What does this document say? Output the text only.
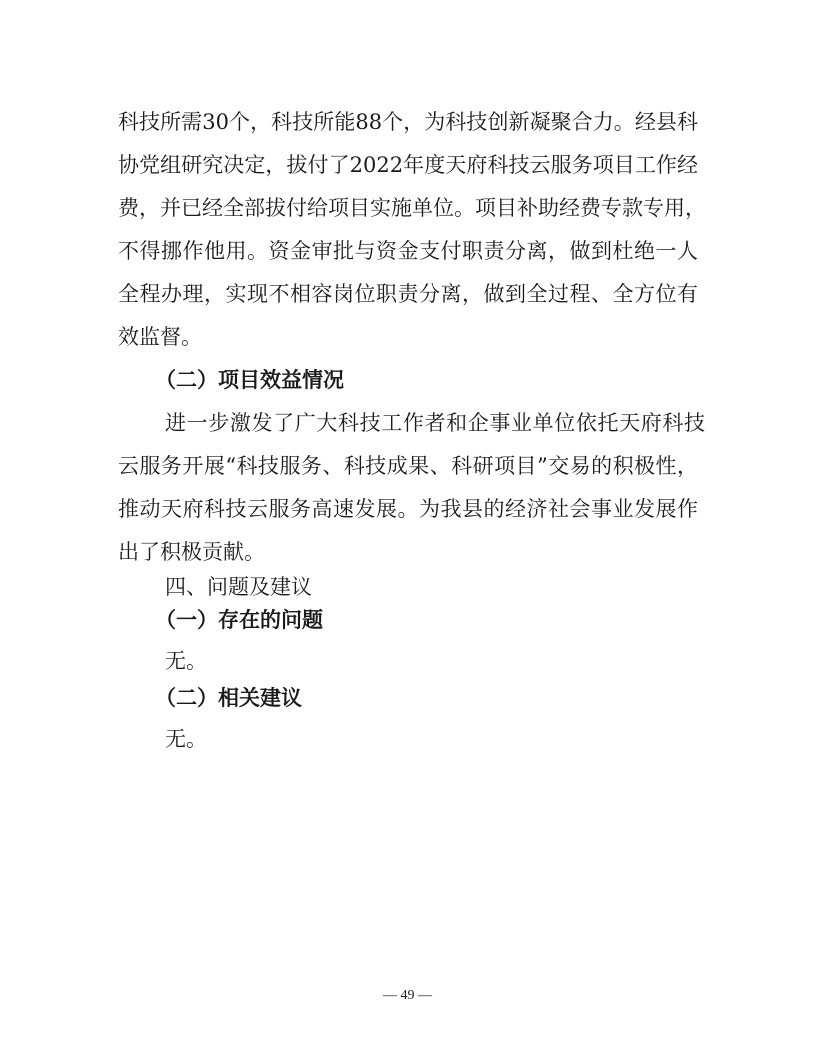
科技所需30个，科技所能88个，为科技创新凝聚合力。经县科
协党组研究决定，拔付了2022年度天府科技云服务项目工作经
费，并已经全部拔付给项目实施单位。项目补助经费专款专用，
不得挪作他用。资金审批与资金支付职责分离，做到杜绝一人
全程办理，实现不相容岗位职责分离，做到全过程、全方位有
效监督。
（二）项目效益情况
进一步激发了广大科技工作者和企事业单位依托天府科技
云服务开展“科技服务、科技成果、科研项目”交易的积极性，
推动天府科技云服务高速发展。为我县的经济社会事业发展作
出了积极贡献。
四、问题及建议
（一）存在的问题
无。
（二）相关建议
无。
— 49 —
